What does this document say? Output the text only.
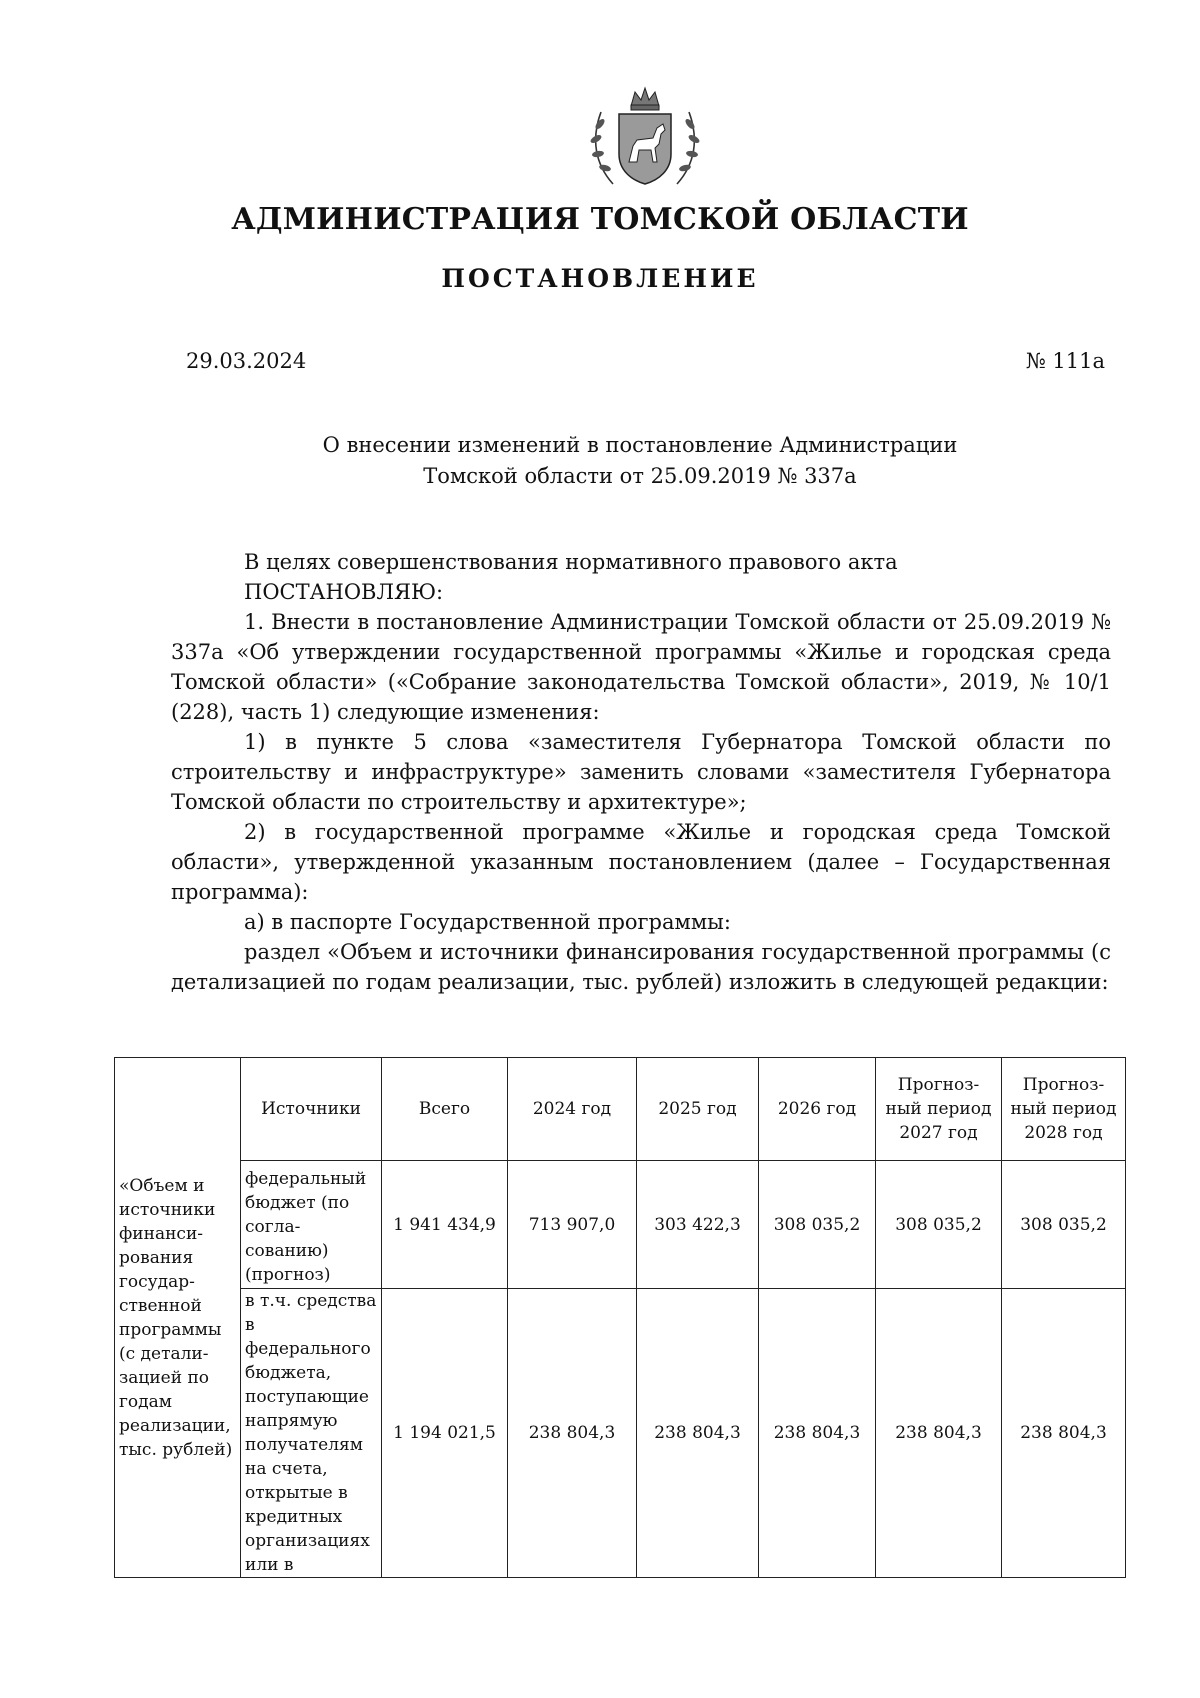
АДМИНИСТРАЦИЯ ТОМСКОЙ ОБЛАСТИ
ПОСТАНОВЛЕНИЕ
29.03.2024	№ 111а
О внесении изменений в постановление Администрации
Томской области от 25.09.2019 № 337а

В целях совершенствования нормативного правового акта

ПОСТАНОВЛЯЮ:

1. Внести в постановление Администрации Томской области от 25.09.2019 № 337а «Об утверждении государственной программы «Жилье и городская среда Томской области» («Собрание законодательства Томской области», 2019, № 10/1 (228), часть 1) следующие изменения:

1) в пункте 5 слова «заместителя Губернатора Томской области по строительству и инфраструктуре» заменить словами «заместителя Губернатора Томской области по строительству и архитектуре»;

2) в государственной программе «Жилье и городская среда Томской области», утвержденной указанным постановлением (далее – Государственная программа):

а) в паспорте Государственной программы:

раздел «Объем и источники финансирования государственной программы (с детализацией по годам реализации, тыс. рублей) изложить в следующей редакции:

«Объем и источники финанси-рования государ-ственной программы (с детали-зацией по годам реализации, тыс. рублей)	Источники	Всего	2024 год	2025 год	2026 год	Прогноз-ный период 2027 год	Прогноз-ный период 2028 год
	федеральный бюджет (по согла-сованию) (прогноз)	1 941 434,9	713 907,0	303 422,3	308 035,2	308 035,2	308 035,2
	в т.ч. средства в федерального бюджета, поступающие напрямую получателям на счета, открытые в кредитных организациях или в	1 194 021,5	238 804,3	238 804,3	238 804,3	238 804,3	238 804,3
